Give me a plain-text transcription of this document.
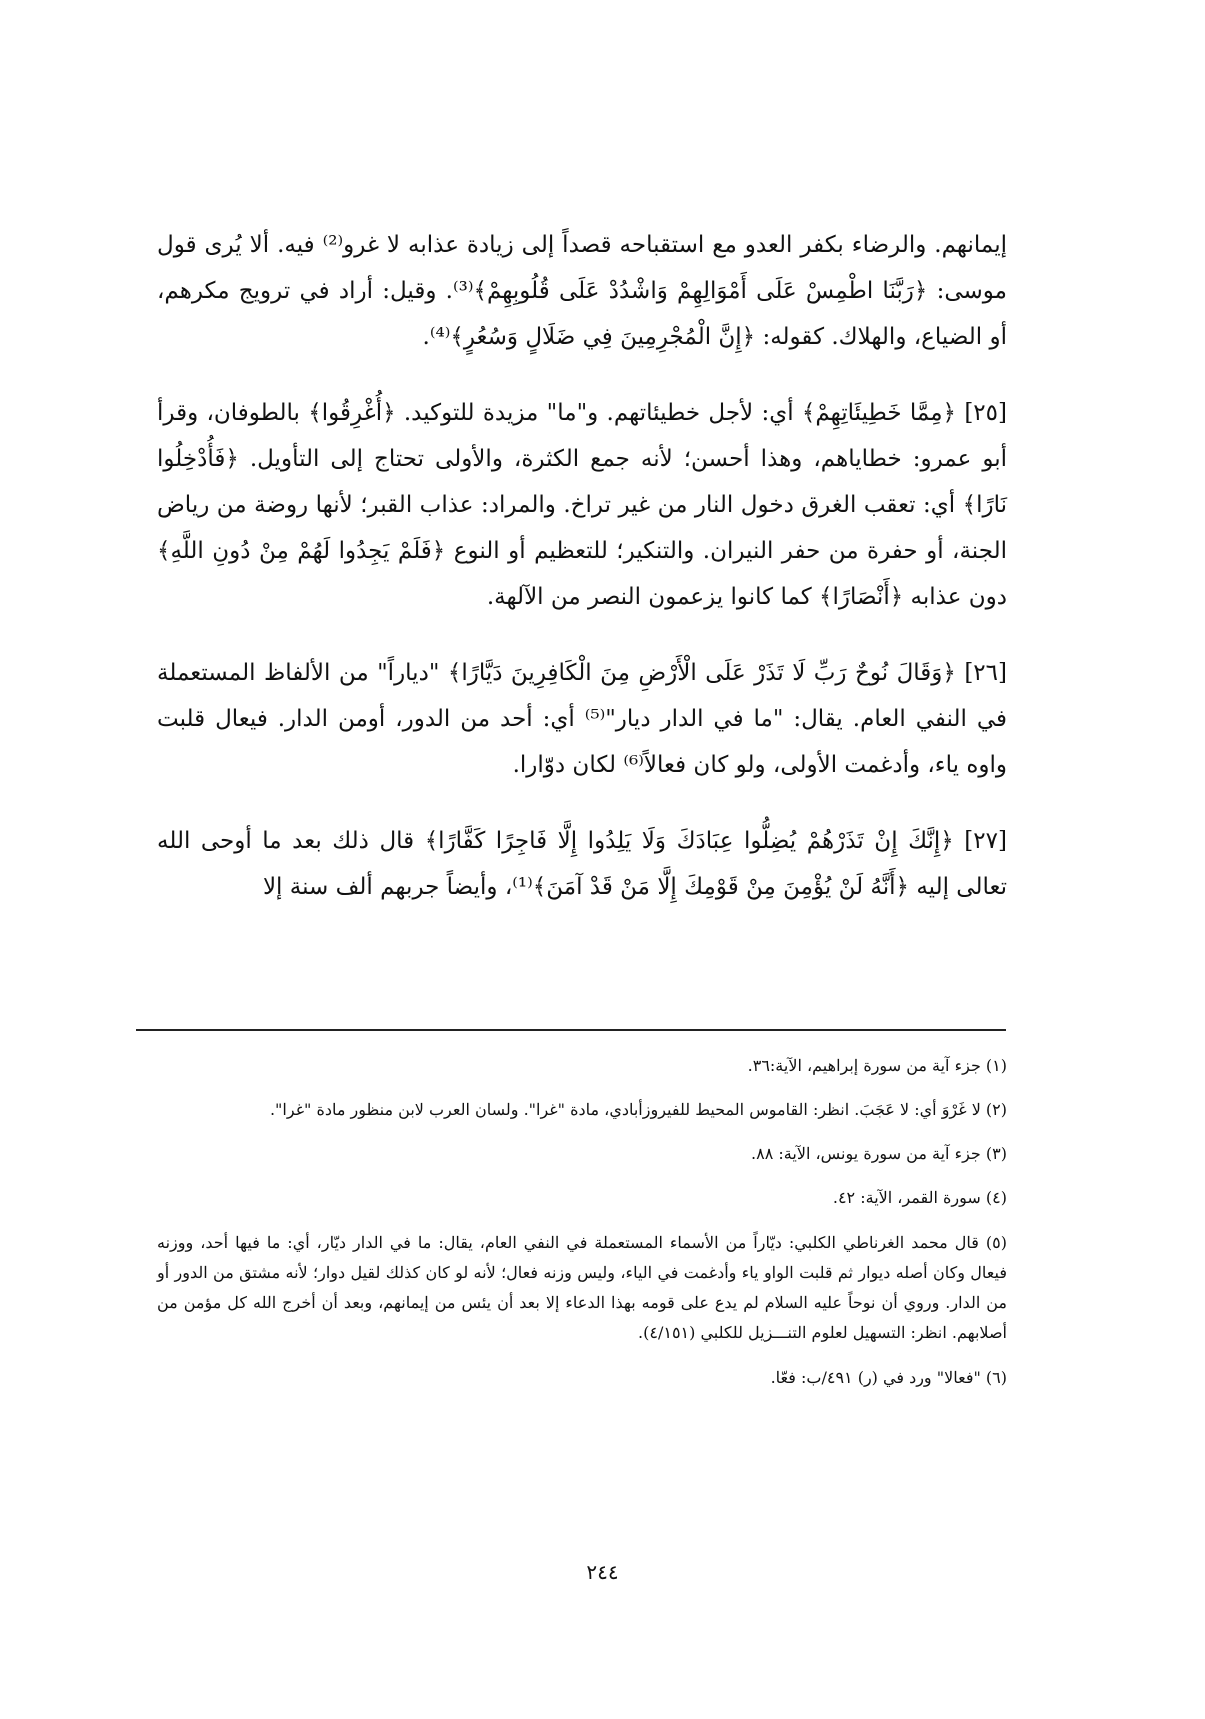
إيمانهم. والرضاء بكفر العدو مع استقباحه قصداً إلى زيادة عذابه لا غرو⁽²⁾ فيه. ألا يُرى قول موسى: ﴿رَبَّنَا اطْمِسْ عَلَى أَمْوَالِهِمْ وَاشْدُدْ عَلَى قُلُوبِهِمْ﴾⁽³⁾. وقيل: أراد في ترويج مكرهم، أو الضياع، والهلاك. كقوله: ﴿إِنَّ الْمُجْرِمِينَ فِي ضَلَالٍ وَسُعُرٍ﴾⁽⁴⁾.

[٢٥] ﴿مِمَّا خَطِيئَاتِهِمْ﴾ أي: لأجل خطيئاتهم. و"ما" مزيدة للتوكيد. ﴿أُغْرِقُوا﴾ بالطوفان، وقرأ أبو عمرو: خطاياهم، وهذا أحسن؛ لأنه جمع الكثرة، والأولى تحتاج إلى التأويل. ﴿فَأُدْخِلُوا نَارًا﴾ أي: تعقب الغرق دخول النار من غير تراخ. والمراد: عذاب القبر؛ لأنها روضة من رياض الجنة، أو حفرة من حفر النيران. والتنكير؛ للتعظيم أو النوع ﴿فَلَمْ يَجِدُوا لَهُمْ مِنْ دُونِ اللَّهِ﴾ دون عذابه ﴿أَنْصَارًا﴾ كما كانوا يزعمون النصر من الآلهة.

[٢٦] ﴿وَقَالَ نُوحٌ رَبِّ لَا تَذَرْ عَلَى الْأَرْضِ مِنَ الْكَافِرِينَ دَيَّارًا﴾ "دياراً" من الألفاظ المستعملة في النفي العام. يقال: "ما في الدار ديار"⁽⁵⁾ أي: أحد من الدور، أومن الدار. فيعال قلبت واوه ياء، وأدغمت الأولى، ولو كان فعالاً⁽⁶⁾ لكان دوّارا.

[٢٧] ﴿إِنَّكَ إِنْ تَذَرْهُمْ يُضِلُّوا عِبَادَكَ وَلَا يَلِدُوا إِلَّا فَاجِرًا كَفَّارًا﴾ قال ذلك بعد ما أوحى الله تعالى إليه ﴿أَنَّهُ لَنْ يُؤْمِنَ مِنْ قَوْمِكَ إِلَّا مَنْ قَدْ آمَنَ﴾⁽¹⁾، وأيضاً جربهم ألف سنة إلا

(١) جزء آية من سورة إبراهيم، الآية:٣٦.

(٢) لا غَرْوَ أي: لا عَجَبَ. انظر: القاموس المحيط للفيروزأبادي، مادة "غرا". ولسان العرب لابن منظور مادة "غرا".

(٣) جزء آية من سورة يونس، الآية: ٨٨.

(٤) سورة القمر، الآية: ٤٢.

(٥) قال محمد الغرناطي الكلبي: ديّاراً من الأسماء المستعملة في النفي العام، يقال: ما في الدار ديّار، أي: ما فيها أحد، ووزنه فيعال وكان أصله ديوار ثم قلبت الواو ياء وأدغمت في الياء، وليس وزنه فعال؛ لأنه لو كان كذلك لقيل دوار؛ لأنه مشتق من الدور أو من الدار. وروي أن نوحاً عليه السلام لم يدع على قومه بهذا الدعاء إلا بعد أن يئس من إيمانهم، وبعد أن أخرج الله كل مؤمن من أصلابهم. انظر: التسهيل لعلوم التنـــزيل للكلبي (٤/١٥١).

(٦) "فعالا" ورد في (ر) ٤٩١/ب: فعّا.

٢٤٤
